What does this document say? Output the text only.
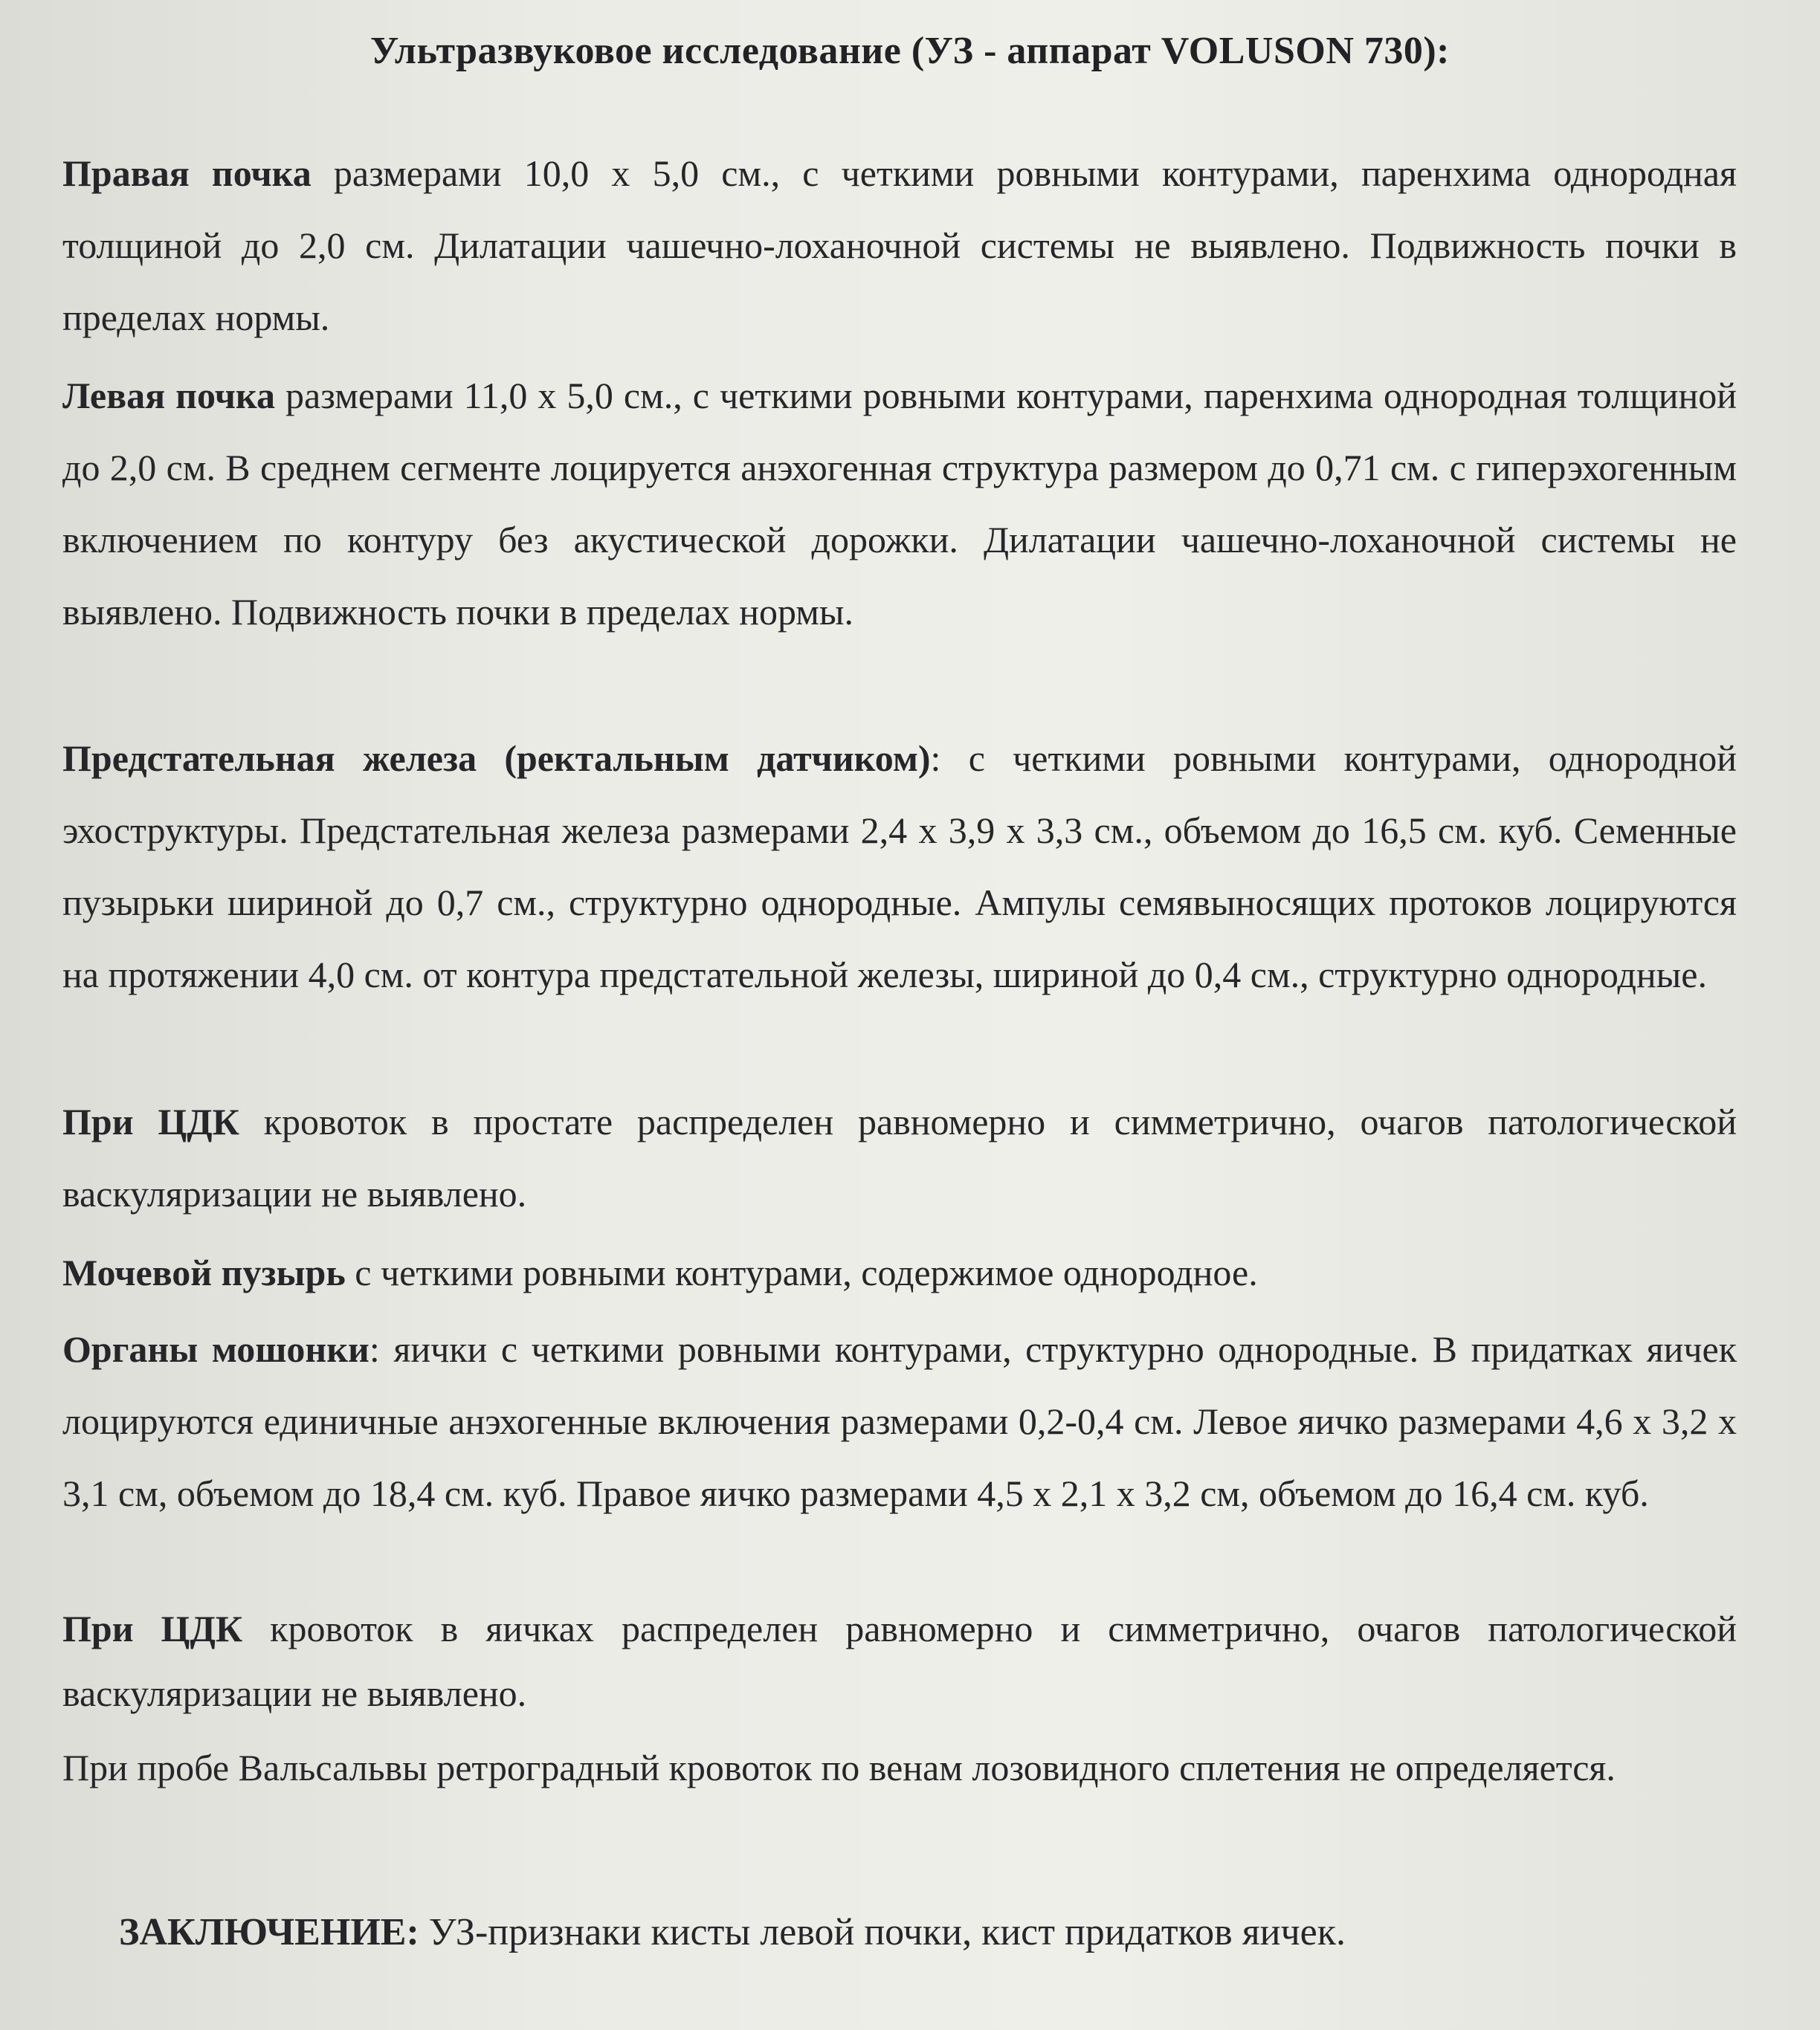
Ультразвуковое исследование (УЗ - аппарат VOLUSON 730):

Правая почка размерами 10,0 х 5,0 см., с четкими ровными контурами, паренхима однородная толщиной до 2,0 см. Дилатации чашечно-лоханочной системы не выявлено. Подвижность почки в пределах нормы.

Левая почка размерами 11,0 х 5,0 см., с четкими ровными контурами, паренхима однородная толщиной до 2,0 см. В среднем сегменте лоцируется анэхогенная структура размером до 0,71 см. с гиперэхогенным включением по контуру без акустической дорожки. Дилатации чашечно-лоханочной системы не выявлено. Подвижность почки в пределах нормы.

Предстательная железа (ректальным датчиком): с четкими ровными контурами, однородной эхоструктуры. Предстательная железа размерами 2,4 х 3,9 х 3,3 см., объемом до 16,5 см. куб. Семенные пузырьки шириной до 0,7 см., структурно однородные. Ампулы семявыносящих протоков лоцируются на протяжении 4,0 см. от контура предстательной железы, шириной до 0,4 см., структурно однородные.

При ЦДК кровоток в простате распределен равномерно и симметрично, очагов патологической васкуляризации не выявлено.

Мочевой пузырь с четкими ровными контурами, содержимое однородное.

Органы мошонки: яички с четкими ровными контурами, структурно однородные. В придатках яичек лоцируются единичные анэхогенные включения размерами 0,2-0,4 см. Левое яичко размерами 4,6 х 3,2 х 3,1 см, объемом до 18,4 см. куб. Правое яичко размерами 4,5 х 2,1 х 3,2 см, объемом до 16,4 см. куб.

При ЦДК кровоток в яичках распределен равномерно и симметрично, очагов патологической васкуляризации не выявлено.

При пробе Вальсальвы ретроградный кровоток по венам лозовидного сплетения не определяется.

ЗАКЛЮЧЕНИЕ: УЗ-признаки кисты левой почки, кист придатков яичек.
